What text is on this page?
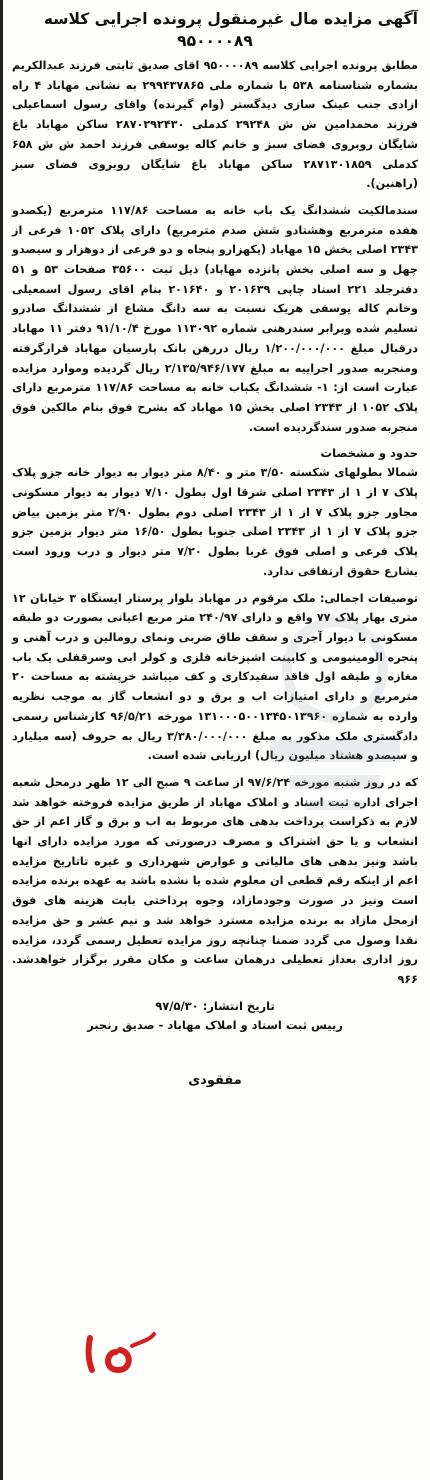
آگهی مزایده مال غیرمنقول پرونده اجرایی کلاسه
۹۵۰۰۰۰۸۹

مطابق پرونده اجرایی کلاسه ۹۵۰۰۰۰۸۹ اقای صدیق ثابتی فرزند عبدالکریم بشماره شناسنامه ۵۳۸ با شماره ملی ۲۹۹۴۳۷۸۶۵ به نشانی مهاباد ۴ راه ازادی جنب عینک سازی دیدگستر (وام گیرنده) واقای رسول اسماعیلی فرزند محمدامین ش ش ۲۹۲۴۸ کدملی ۲۸۷۰۲۹۲۴۳۰ ساکن مهاباد باغ شایگان روبروی فضای سبز و خانم کاله یوسفی فرزند احمد ش ش ۶۵۸ کدملی ۲۸۷۱۳۰۱۸۵۹ ساکن مهاباد باغ شایگان روبروی فضای سبز (راهنین).

سندمالکیت ششدانگ یک باب خانه به مساحت ۱۱۷/۸۶ مترمربع (یکصدو هفده مترمربع وهشتادو شش صدم مترمربع) دارای پلاک ۱۰۵۲ فرعی از ۲۳۴۳ اصلی بخش ۱۵ مهاباد (یکهزارو پنجاه و دو فرعی از دوهزار و سیصدو چهل و سه اصلی بخش پانزده مهاباد) ذیل ثبت ۳۵۶۰۰ صفحات ۵۳ و ۵۱ دفترجلد ۲۲۱ اسناد چاپی ۲۰۱۶۳۹ و ۲۰۱۶۴۰ بنام اقای رسول اسمعیلی وخانم کاله یوسفی هریک نسبت به سه دانگ مشاع از ششدانگ صادرو تسلیم شده وبرابر سندرهنی شماره ۱۱۳۰۹۲ مورخ ۹۱/۱۰/۴ دفتر ۱۱ مهاباد درقبال مبلغ ۱/۲۰۰/۰۰۰/۰۰۰ ریال دررهن بانک پارسیان مهاباد قرارگرفته ومنجربه صدور اجراییه به مبلغ ۲/۱۳۵/۹۴۶/۱۷۷ ریال گردیده وموارد مزایده عبارت است از: ۱- ششدانگ یکباب خانه به مساحت ۱۱۷/۸۶ مترمربع دارای پلاک ۱۰۵۲ از ۲۳۴۳ اصلی بخش ۱۵ مهاباد که بشرح فوق بنام مالکین فوق منجربه صدور سندگردیده است.

حدود و مشخصات

شمالا بطولهای شکسته ۳/۵۰ متر و ۸/۴۰ متر دیوار به دیوار خانه جزو پلاک پلاک ۷ از ۱ از ۲۳۴۳ اصلی شرقا اول بطول ۷/۱۰ دیوار به دیوار مسکونی مجاور جزو پلاک ۷ از ۱ از ۲۳۴۳ اصلی دوم بطول ۲/۹۰ متر بزمین بیاض جزو پلاک ۷ از ۱ از ۲۳۴۳ اصلی جنوبا بطول ۱۶/۵۰ متر دیوار بزمین جزو پلاک فرعی و اصلی فوق غربا بطول ۷/۲۰ متر دیوار و درب ورود است بشارع حقوق ارتفاقی ندارد.

توصیفات اجمالی: ملک مرقوم در مهاباد بلوار پرستار ایستگاه ۳ خیابان ۱۲ متری بهار پلاک ۷۷ واقع و دارای ۲۴۰/۹۷ متر مربع اعیانی بصورت دو طبقه مسکونی با دیوار آجری و سقف طاق ضربی ونمای رومالین و درب آهنی و پنجره الومینیومی و کابینت اشپزخانه فلزی و کولر ابی وسرقفلی یک باب مغازه و طبقه اول فاقد سفیدکاری و کف میباشد خرپشته به مساحت ۲۰ مترمربع و دارای امتیازات اب و برق و دو انشعاب گاز به موجب نظریه وارده به شماره ۱۳۱۰۰۰۵۰۰۱۳۴۵۰۱۳۹۶۰ مورخه ۹۶/۵/۲۱ کارشناس رسمی دادگستری ملک مذکور به مبلغ ۳/۳۸۰/۰۰۰/۰۰۰ ریال به حروف (سه میلیارد و سیصدو هشتاد میلیون ریال) ارزیابی شده است.

که در روز شنبه مورخه ۹۷/۶/۲۴ از ساعت ۹ صبح الی ۱۲ ظهر درمحل شعبه اجرای اداره ثبت اسناد و املاک مهاباد از طریق مزایده فروخته خواهد شد لازم به ذکراست پرداخت بدهی های مربوط به اب و برق و گاز اعم از حق انشعاب و یا حق اشتراک و مصرف درصورتی که مورد مزایده دارای انها باشد ونیز بدهی های مالیاتی و عوارض شهرداری و غیره تاتاریخ مزایده اعم از اینکه رقم قطعی ان معلوم شده یا نشده باشد به عهده برنده مزایده است ونیز در صورت وجودمازاد، وجوه پرداختی بابت هزینه های فوق ازمحل مازاد به برنده مزایده مسترد خواهد شد و نیم عشر و حق مزایده نقدا وصول می گردد ضمنا چنانچه روز مزایده تعطیل رسمی گردد، مزایده روز اداری بعداز تعطیلی درهمان ساعت و مکان مقرر برگزار خواهدشد. ۹۶۶

تاریخ انتشار: ۹۷/۵/۳۰
رییس ثبت اسناد و املاک مهاباد - صدیق رنجبر
مفقودی
